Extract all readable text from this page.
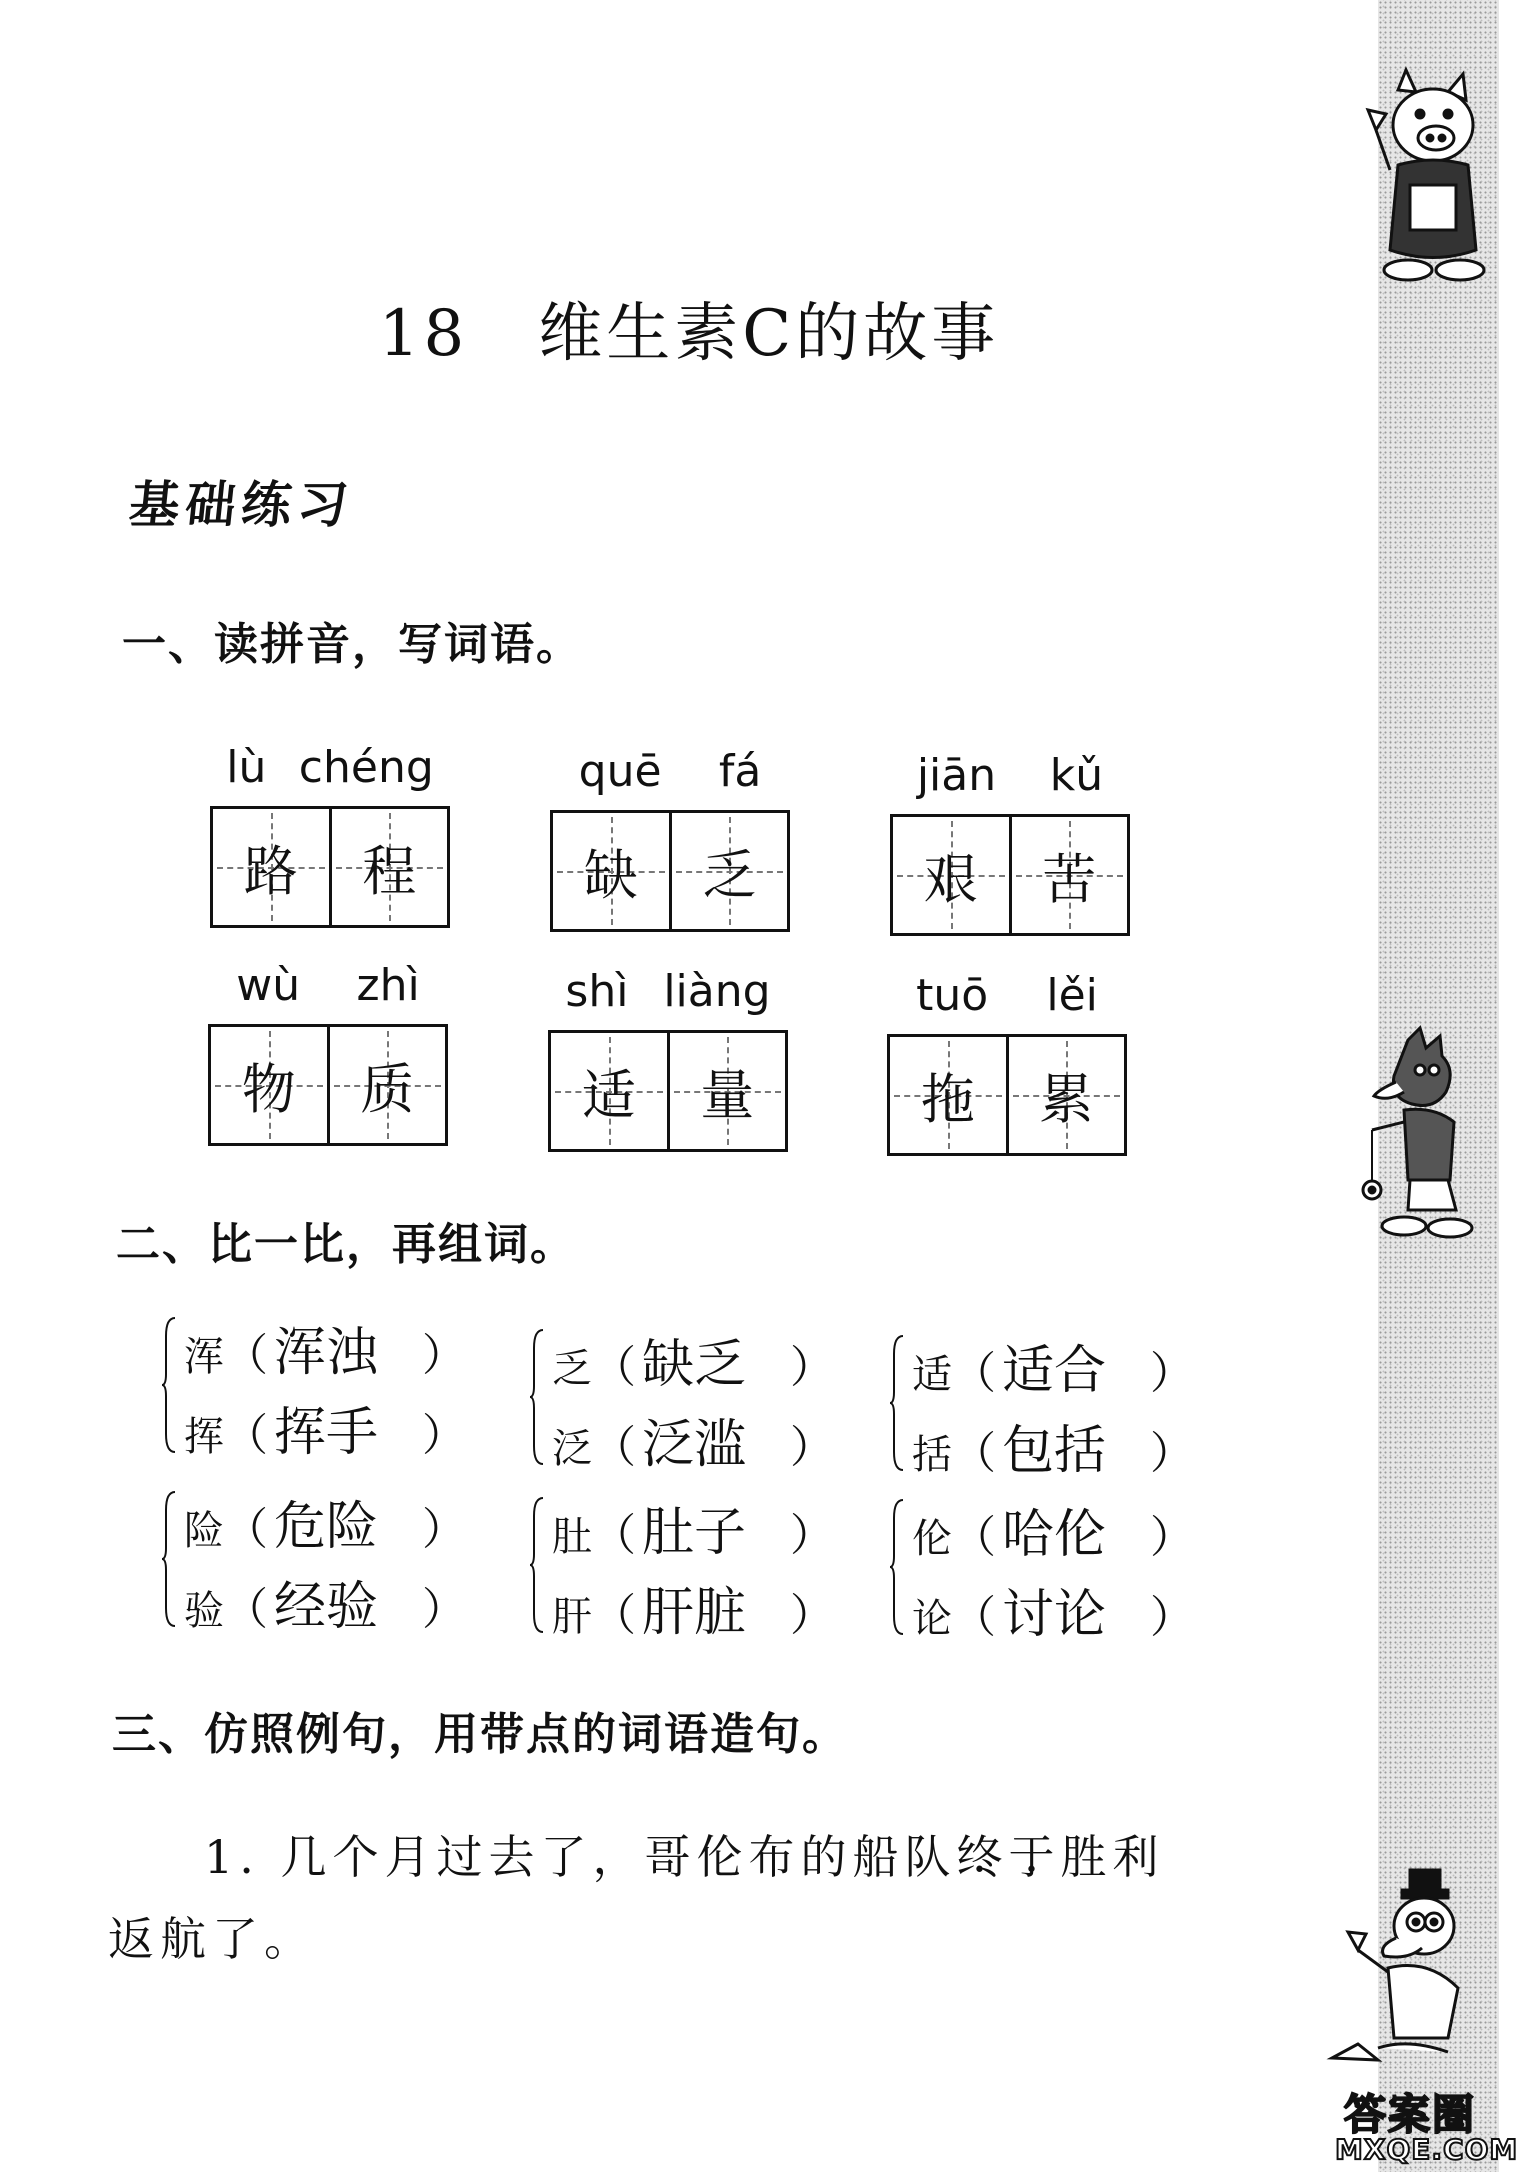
18 维生素C的故事
基础练习
一、读拼音，写词语。
lù chéng
路 程
quē fá
缺 乏
jiān kǔ
艰 苦
wù zhì
物 质
shì liàng
适 量
tuō lěi
拖 累
二、比一比，再组词。
浑 （ 浑浊 ）
挥 （ 挥手 ）
乏 （ 缺乏 ）
泛 （ 泛滥 ）
适 （ 适合 ）
括 （ 包括 ）
险 （ 危险 ）
验 （ 经验 ）
肚 （ 肚子 ）
肝 （ 肝脏 ）
伦 （ 哈伦 ）
论 （ 讨论 ）
三、仿照例句，用带点的词语造句。
1. 几个月过去了，哥伦布的船队终于胜利返航了。
答案圈
MXQE.COM
